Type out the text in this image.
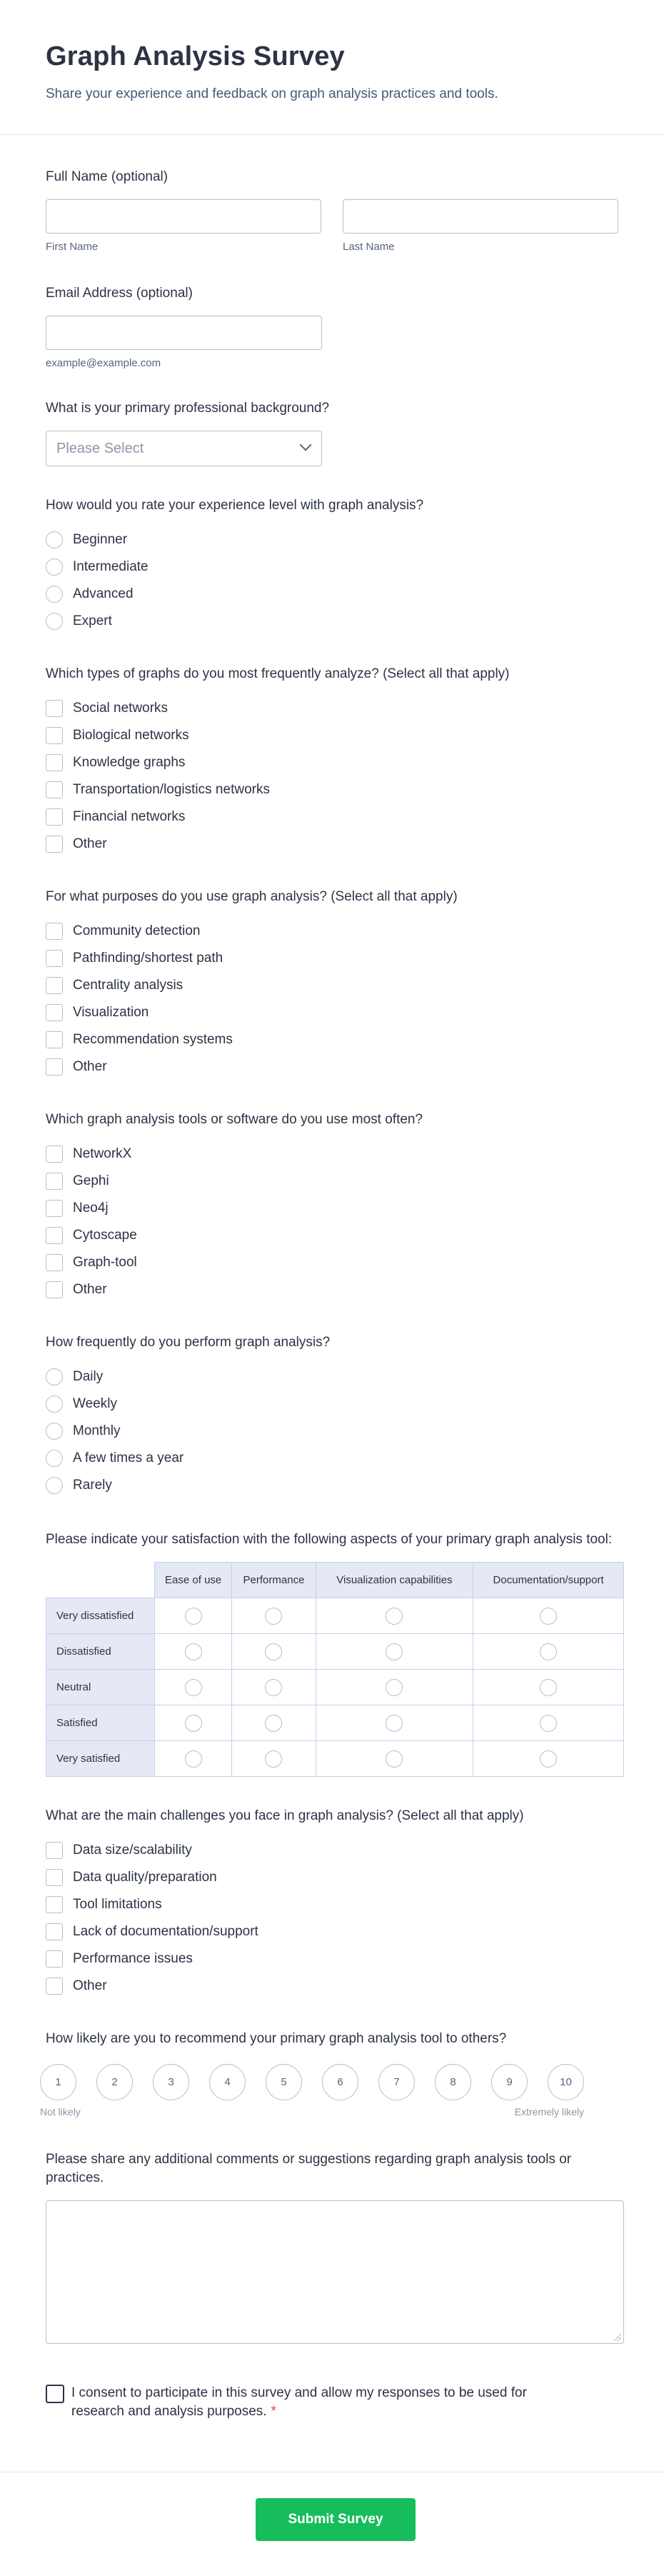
Graph Analysis Survey

Share your experience and feedback on graph analysis practices and tools.

Full Name (optional)
First Name	Last Name
Email Address (optional)
example@example.com
What is your primary professional background?
Please Select
How would you rate your experience level with graph analysis?
Beginner
Intermediate
Advanced
Expert
Which types of graphs do you most frequently analyze? (Select all that apply)
Social networks
Biological networks
Knowledge graphs
Transportation/logistics networks
Financial networks
Other
For what purposes do you use graph analysis? (Select all that apply)
Community detection
Pathfinding/shortest path
Centrality analysis
Visualization
Recommendation systems
Other
Which graph analysis tools or software do you use most often?
NetworkX
Gephi
Neo4j
Cytoscape
Graph-tool
Other
How frequently do you perform graph analysis?
Daily
Weekly
Monthly
A few times a year
Rarely
Please indicate your satisfaction with the following aspects of your primary graph analysis tool:
	Ease of use	Performance	Visualization capabilities	Documentation/support
Very dissatisfied				
Dissatisfied				
Neutral				
Satisfied				
Very satisfied				
What are the main challenges you face in graph analysis? (Select all that apply)
Data size/scalability
Data quality/preparation
Tool limitations
Lack of documentation/support
Performance issues
Other
How likely are you to recommend your primary graph analysis tool to others?
1	2	3	4	5	6	7	8	9	10
Not likely	Extremely likely
Please share any additional comments or suggestions regarding graph analysis tools or practices.
I consent to participate in this survey and allow my responses to be used for research and analysis purposes. *
Submit Survey
